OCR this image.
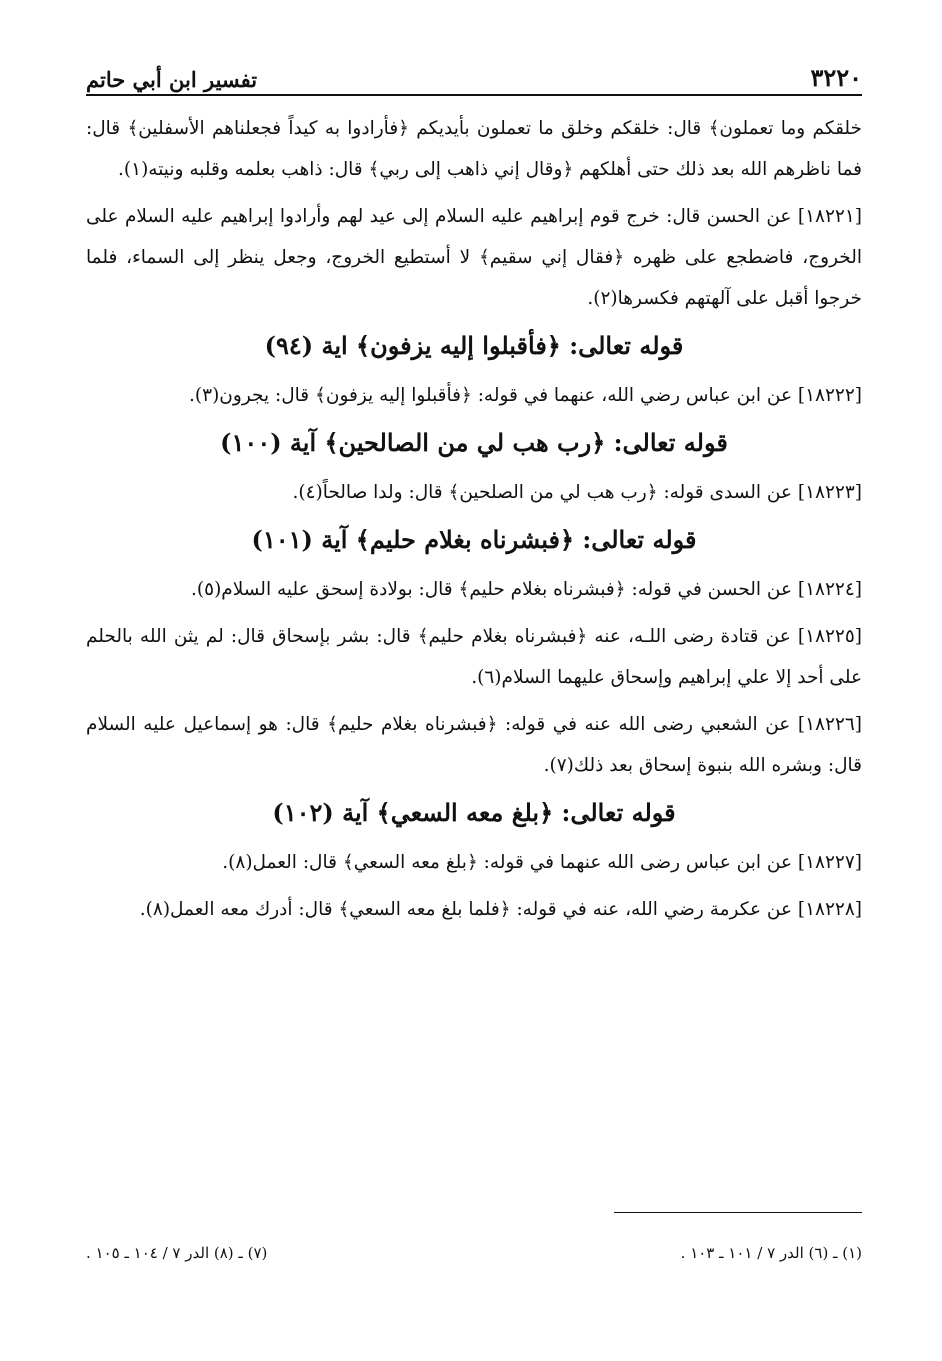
٣٢٢٠
تفسير ابن أبي حاتم

خلقكم وما تعملون﴾ قال: خلقكم وخلق ما تعملون بأيديكم ﴿فأرادوا به كيداً فجعلناهم الأسفلين﴾ قال: فما ناظرهم الله بعد ذلك حتى أهلكهم ﴿وقال إني ذاهب إلى ربي﴾ قال: ذاهب بعلمه وقلبه ونيته(١).

[١٨٢٢١] عن الحسن قال: خرج قوم إبراهيم عليه السلام إلى عيد لهم وأرادوا إبراهيم عليه السلام على الخروج، فاضطجع على ظهره ﴿فقال إني سقيم﴾ لا أستطيع الخروج، وجعل ينظر إلى السماء، فلما خرجوا أقبل على آلهتهم فكسرها(٢).

قوله تعالى: ﴿فأقبلوا إليه يزفون﴾ اية (٩٤)

[١٨٢٢٢] عن ابن عباس رضي الله، عنهما في قوله: ﴿فأقبلوا إليه يزفون﴾ قال: يجرون(٣).

قوله تعالى: ﴿رب هب لي من الصالحين﴾ آية (١٠٠)

[١٨٢٢٣] عن السدى قوله: ﴿رب هب لي من الصلحين﴾ قال: ولدا صالحاً(٤).

قوله تعالى: ﴿فبشرناه بغلام حليم﴾ آية (١٠١)

[١٨٢٢٤] عن الحسن في قوله: ﴿فبشرناه بغلام حليم﴾ قال: بولادة إسحق عليه السلام(٥).

[١٨٢٢٥] عن قتادة رضى اللـه، عنه ﴿فبشرناه بغلام حليم﴾ قال: بشر بإسحاق قال: لم يثن الله بالحلم على أحد إلا علي إبراهيم وإسحاق عليهما السلام(٦).

[١٨٢٢٦] عن الشعبي رضى الله عنه في قوله: ﴿فبشرناه بغلام حليم﴾ قال: هو إسماعيل عليه السلام قال: وبشره الله بنبوة إسحاق بعد ذلك(٧).

قوله تعالى: ﴿بلغ معه السعي﴾ آية (١٠٢)

[١٨٢٢٧] عن ابن عباس رضى الله عنهما في قوله: ﴿بلغ معه السعي﴾ قال: العمل(٨).

[١٨٢٢٨] عن عكرمة رضي الله، عنه في قوله: ﴿فلما بلغ معه السعي﴾ قال: أدرك معه العمل(٨).

(١) ـ (٦) الدر ٧ / ١٠١ ـ ١٠٣ .
(٧) ـ (٨) الدر ٧ / ١٠٤ ـ ١٠٥ .
